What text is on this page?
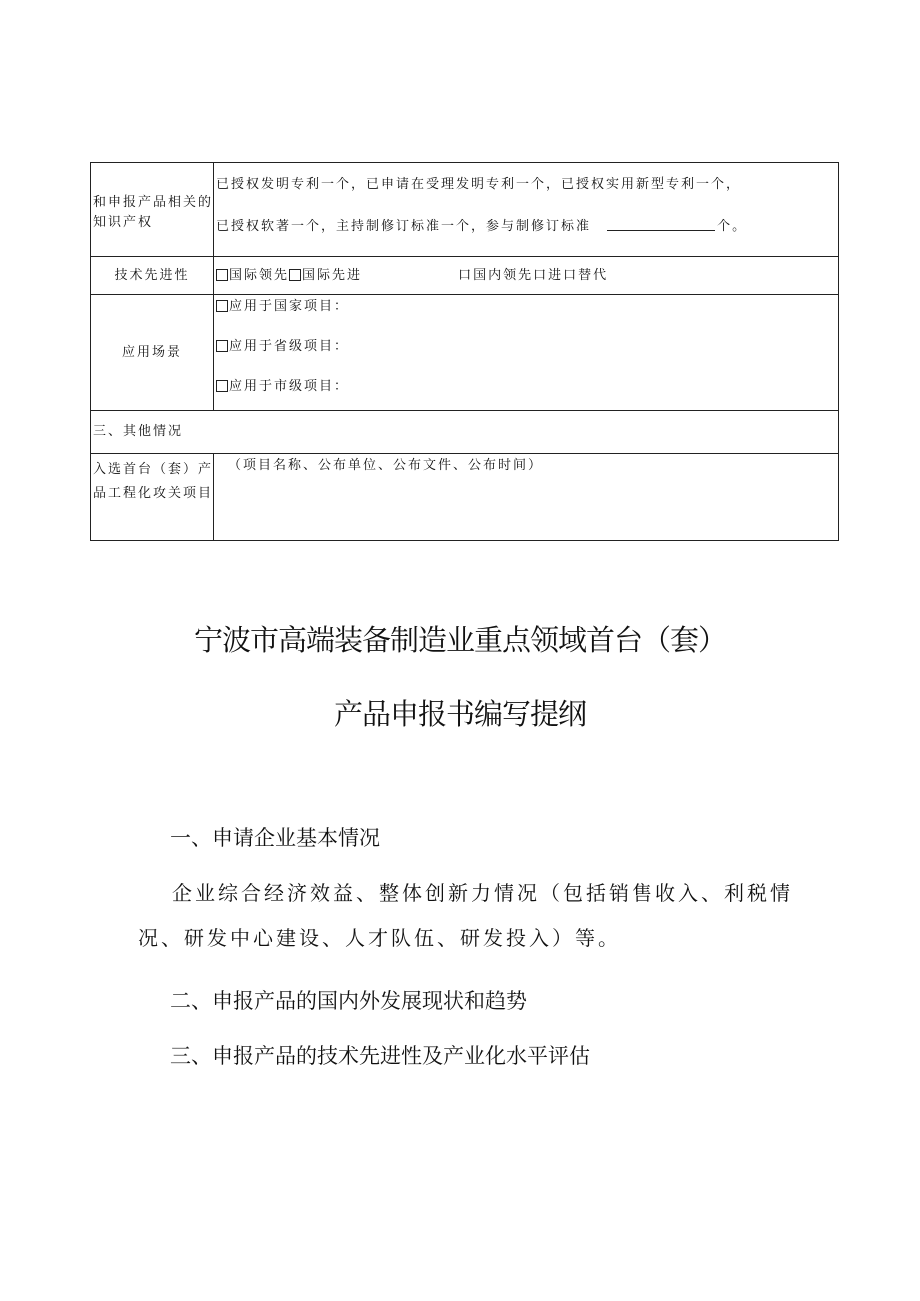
和申报产品相关的知识产权	已授权发明专利一个，已申请在受理发明专利一个，已授权实用新型专利一个，
已授权软著一个，主持制修订标准一个，参与制修订标准 个。

技术先进性	国际领先 国际先进 口国内领先口进口替代

应用场景	应用于国家项目：
应用于省级项目：
应用于市级项目：

三、其他情况	
入选首台（套）产品工程化攻关项目	（项目名称、公布单位、公布文件、公布时间）
宁波市高端装备制造业重点领域首台（套）
产品申报书编写提纲
一、申请企业基本情况
企业综合经济效益、整体创新力情况（包括销售收入、利税情
况、研发中心建设、人才队伍、研发投入）等。
二、申报产品的国内外发展现状和趋势
三、申报产品的技术先进性及产业化水平评估
